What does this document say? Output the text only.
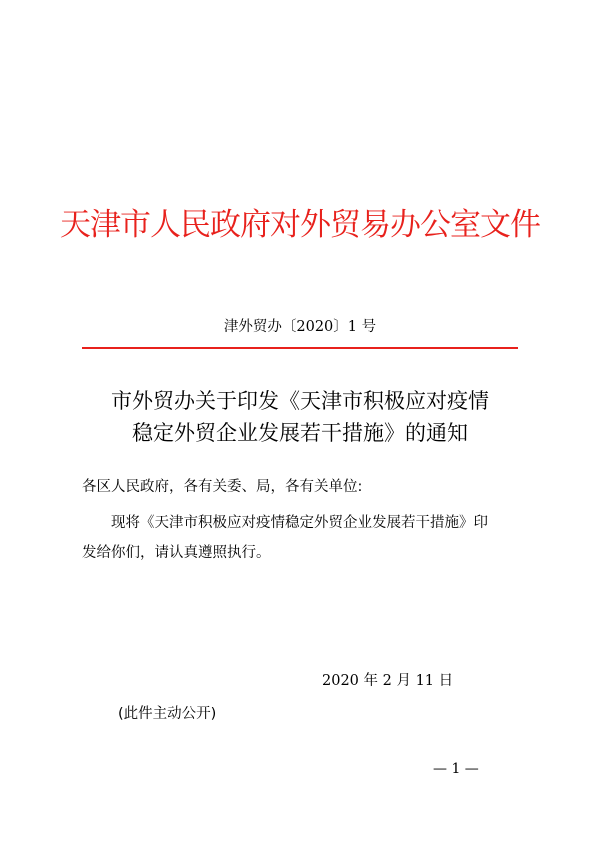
天津市人民政府对外贸易办公室文件
津外贸办〔2020〕1 号
市外贸办关于印发《天津市积极应对疫情
稳定外贸企业发展若干措施》的通知
各区人民政府，各有关委、局，各有关单位:
现将《天津市积极应对疫情稳定外贸企业发展若干措施》印
发给你们，请认真遵照执行。
2020 年 2 月 11 日
(此件主动公开)
— 1 —
